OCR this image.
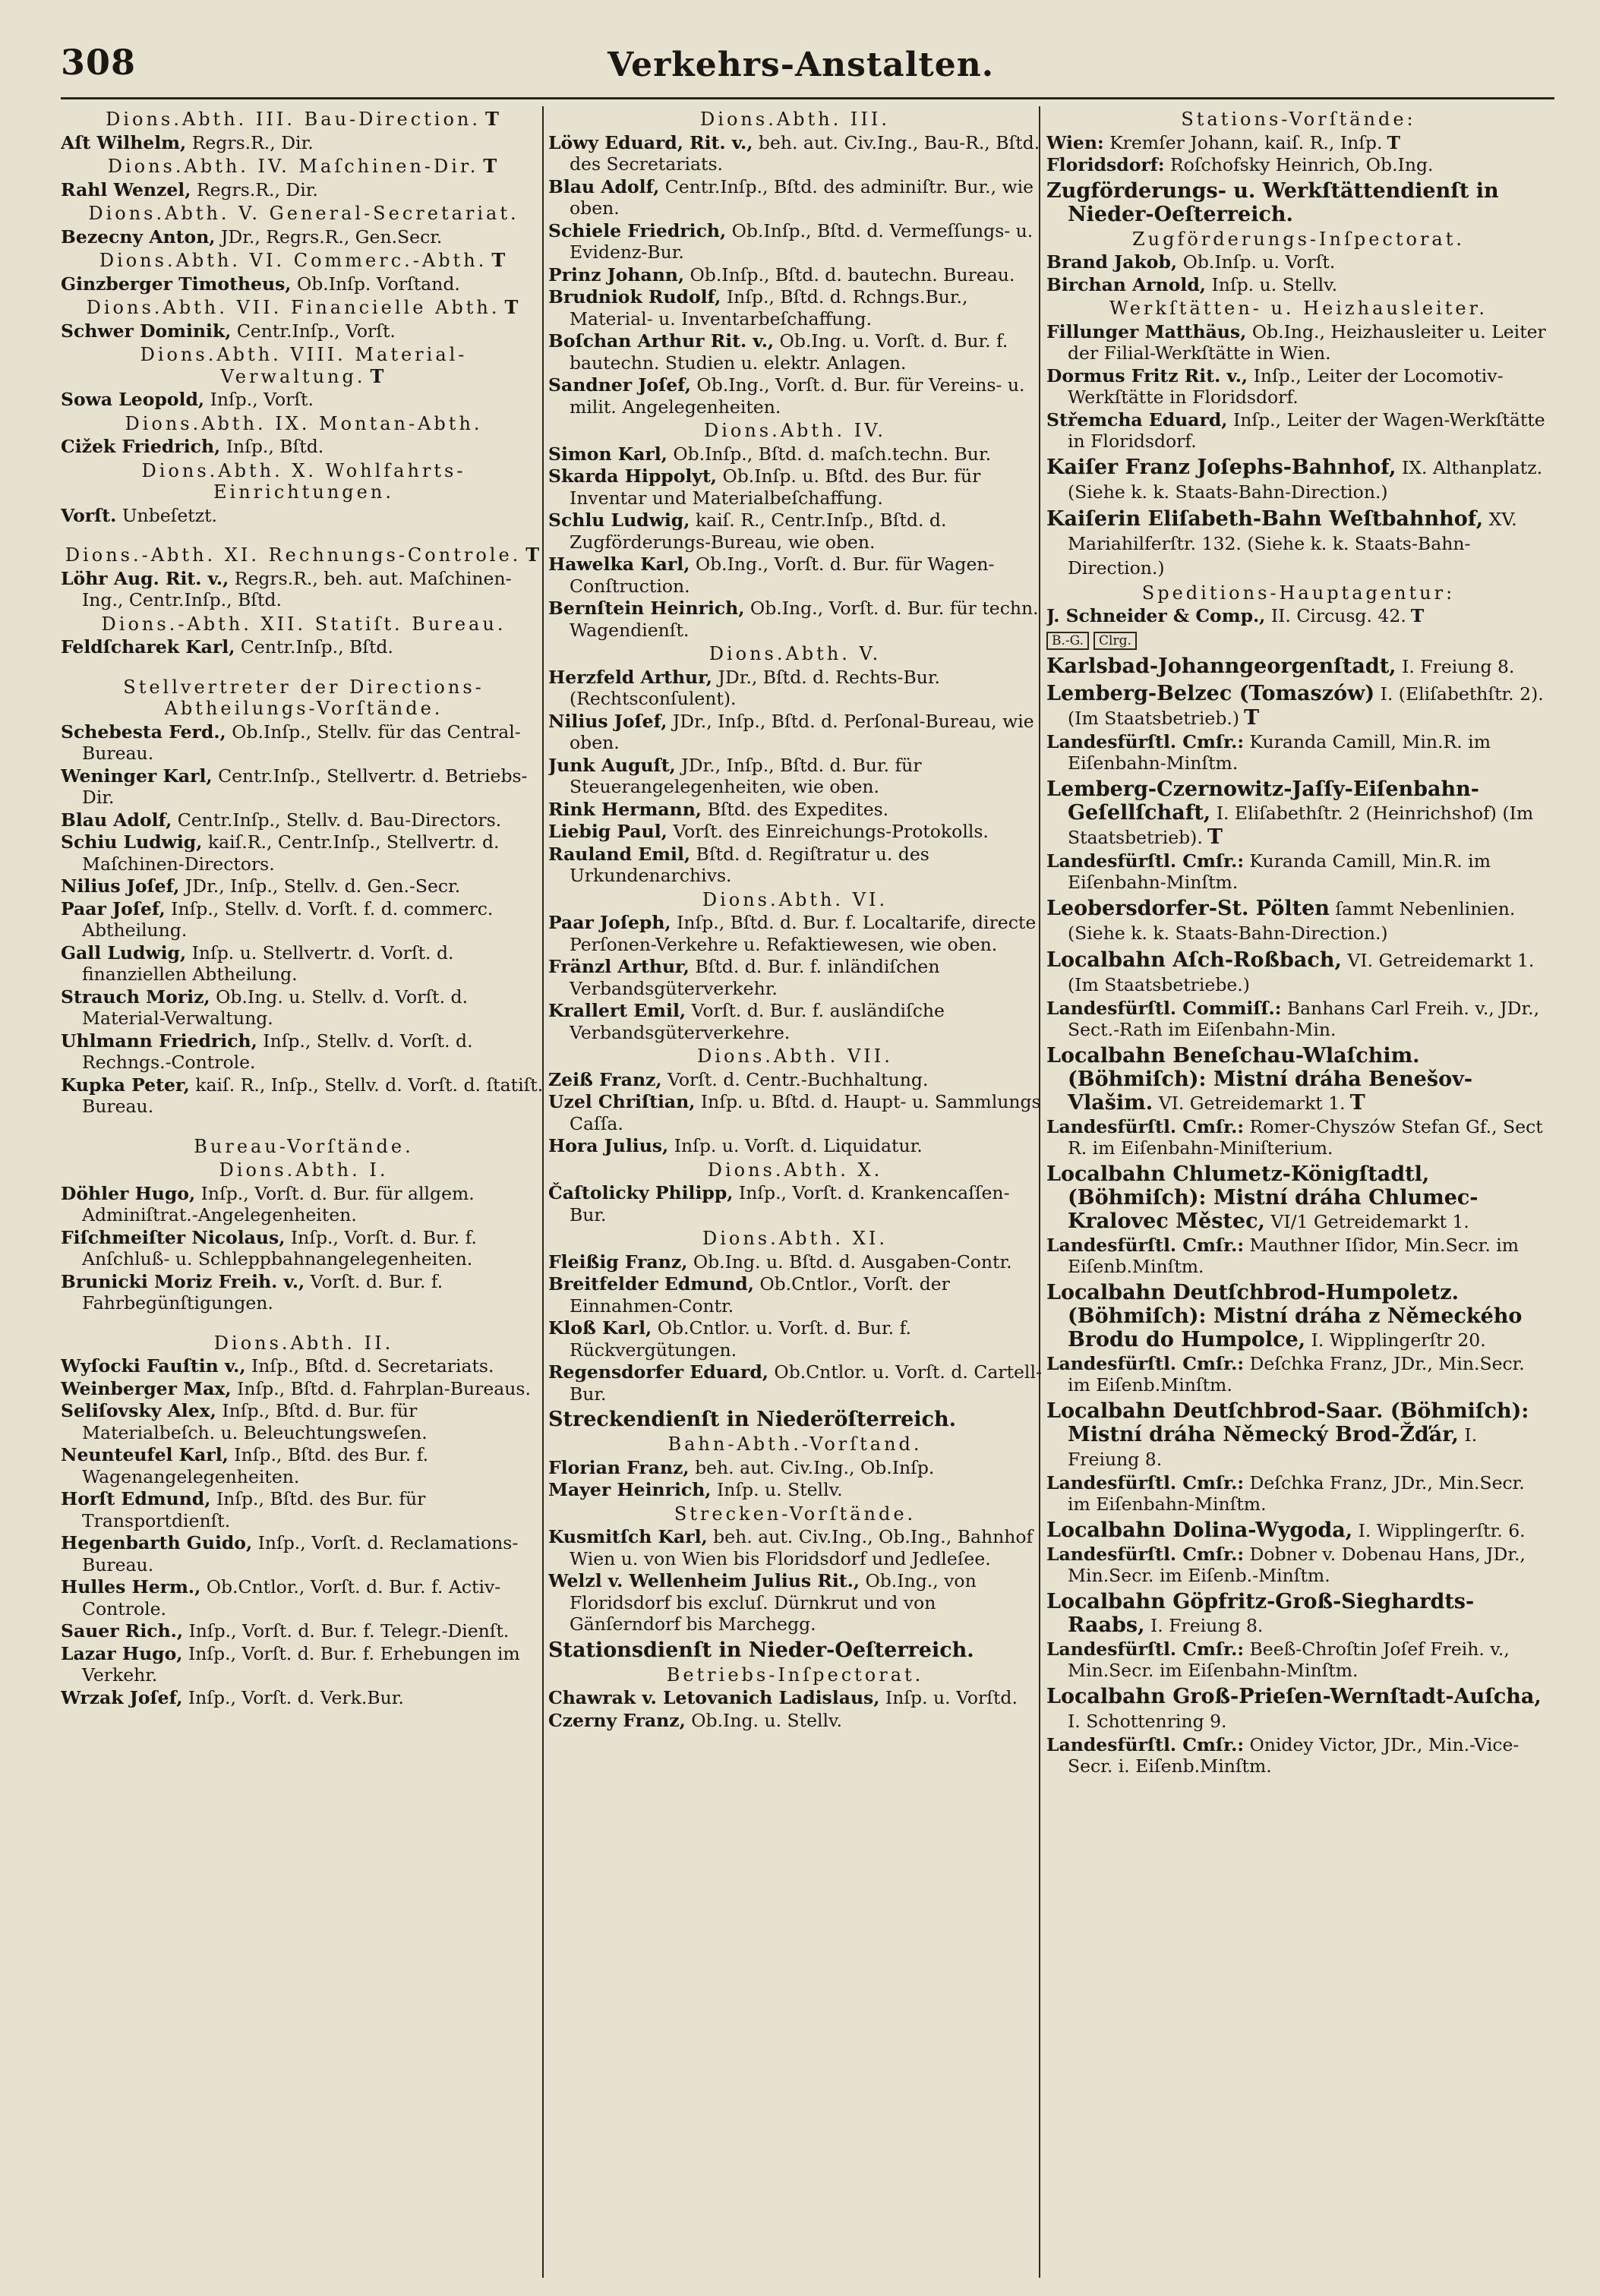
308	Verkehrs-Anstalten.
Dions.Abth. III. Bau-Direction. T
Aſt Wilhelm, Regrs.R., Dir.
Dions.Abth. IV. Maſchinen-Dir. T
Rahl Wenzel, Regrs.R., Dir.
Dions.Abth. V. General-Secretariat.
Bezecny Anton, JDr., Regrs.R., Gen.Secr.
Dions.Abth. VI. Commerc.-Abth. T
Ginzberger Timotheus, Ob.Inſp. Vorſtand.
Dions.Abth. VII. Financielle Abth. T
Schwer Dominik, Centr.Inſp., Vorſt.
Dions.Abth. VIII. Material-Verwaltung. T
Sowa Leopold, Inſp., Vorſt.
Dions.Abth. IX. Montan-Abth.
Cižek Friedrich, Inſp., Bſtd.
Dions.Abth. X. Wohlfahrts-Einrichtungen.
Vorſt. Unbeſetzt.
Dions.-Abth. XI. Rechnungs-Controle. T
Löhr Aug. Rit. v., Regrs.R., beh. aut. Maſchinen-Ing., Centr.Inſp., Bſtd.
Dions.-Abth. XII. Statiſt. Bureau.
Feldſcharek Karl, Centr.Inſp., Bſtd.
Stellvertreter der Directions-Abtheilungs-Vorſtände.
Schebesta Ferd., Ob.Inſp., Stellv. für das Central-Bureau.
Weninger Karl, Centr.Inſp., Stellvertr. d. Betriebs-Dir.
Blau Adolf, Centr.Inſp., Stellv. d. Bau-Directors.
Schiu Ludwig, kaiſ.R., Centr.Inſp., Stellvertr. d. Maſchinen-Directors.
Nilius Joſef, JDr., Inſp., Stellv. d. Gen.-Secr.
Paar Joſef, Inſp., Stellv. d. Vorſt. f. d. commerc. Abtheilung.
Gall Ludwig, Inſp. u. Stellvertr. d. Vorſt. d. finanziellen Abtheilung.
Strauch Moriz, Ob.Ing. u. Stellv. d. Vorſt. d. Material-Verwaltung.
Uhlmann Friedrich, Inſp., Stellv. d. Vorſt. d. Rechngs.-Controle.
Kupka Peter, kaiſ. R., Inſp., Stellv. d. Vorſt. d. ſtatiſt. Bureau.
Bureau-Vorſtände.
Dions.Abth. I.
Döhler Hugo, Inſp., Vorſt. d. Bur. für allgem. Adminiſtrat.-Angelegenheiten.
Fiſchmeiſter Nicolaus, Inſp., Vorſt. d. Bur. f. Anſchluß- u. Schleppbahnangelegenheiten.
Brunicki Moriz Freih. v., Vorſt. d. Bur. f. Fahrbegünſtigungen.
Dions.Abth. II.
Wyſocki Fauſtin v., Inſp., Bſtd. d. Secretariats.
Weinberger Max, Inſp., Bſtd. d. Fahrplan-Bureaus.
Seliſovsky Alex, Inſp., Bſtd. d. Bur. für Materialbeſch. u. Beleuchtungsweſen.
Neunteufel Karl, Inſp., Bſtd. des Bur. f. Wagenangelegenheiten.
Horſt Edmund, Inſp., Bſtd. des Bur. für Transportdienſt.
Hegenbarth Guido, Inſp., Vorſt. d. Reclamations-Bureau.
Hulles Herm., Ob.Cntlor., Vorſt. d. Bur. f. Activ-Controle.
Sauer Rich., Inſp., Vorſt. d. Bur. f. Telegr.-Dienſt.
Lazar Hugo, Inſp., Vorſt. d. Bur. f. Erhebungen im Verkehr.
Wrzak Joſef, Inſp., Vorſt. d. Verk.Bur.
Dions.Abth. III.
Löwy Eduard, Rit. v., beh. aut. Civ.Ing., Bau-R., Bſtd. des Secretariats.
Blau Adolf, Centr.Inſp., Bſtd. des adminiſtr. Bur., wie oben.
Schiele Friedrich, Ob.Inſp., Bſtd. d. Vermeſſungs- u. Evidenz-Bur.
Prinz Johann, Ob.Inſp., Bſtd. d. bautechn. Bureau.
Brudniok Rudolf, Inſp., Bſtd. d. Rchngs.Bur., Material- u. Inventarbeſchaffung.
Boſchan Arthur Rit. v., Ob.Ing. u. Vorſt. d. Bur. f. bautechn. Studien u. elektr. Anlagen.
Sandner Joſef, Ob.Ing., Vorſt. d. Bur. für Vereins- u. milit. Angelegenheiten.
Dions.Abth. IV.
Simon Karl, Ob.Inſp., Bſtd. d. maſch.techn. Bur.
Skarda Hippolyt, Ob.Inſp. u. Bſtd. des Bur. für Inventar und Materialbeſchaffung.
Schlu Ludwig, kaiſ. R., Centr.Inſp., Bſtd. d. Zugförderungs-Bureau, wie oben.
Hawelka Karl, Ob.Ing., Vorſt. d. Bur. für Wagen-Conſtruction.
Bernſtein Heinrich, Ob.Ing., Vorſt. d. Bur. für techn. Wagendienſt.
Dions.Abth. V.
Herzfeld Arthur, JDr., Bſtd. d. Rechts-Bur. (Rechtsconſulent).
Nilius Joſef, JDr., Inſp., Bſtd. d. Perſonal-Bureau, wie oben.
Junk Auguſt, JDr., Inſp., Bſtd. d. Bur. für Steuerangelegenheiten, wie oben.
Rink Hermann, Bſtd. des Expedites.
Liebig Paul, Vorſt. des Einreichungs-Protokolls.
Rauland Emil, Bſtd. d. Regiſtratur u. des Urkundenarchivs.
Dions.Abth. VI.
Paar Joſeph, Inſp., Bſtd. d. Bur. f. Localtarife, directe Perſonen-Verkehre u. Refaktiewesen, wie oben.
Fränzl Arthur, Bſtd. d. Bur. f. inländiſchen Verbandsgüterverkehr.
Krallert Emil, Vorſt. d. Bur. f. ausländiſche Verbandsgüterverkehre.
Dions.Abth. VII.
Zeiß Franz, Vorſt. d. Centr.-Buchhaltung.
Uzel Chriſtian, Inſp. u. Bſtd. d. Haupt- u. Sammlungs Caſſa.
Hora Julius, Inſp. u. Vorſt. d. Liquidatur.
Dions.Abth. X.
Čaſtolicky Philipp, Inſp., Vorſt. d. Krankencaſſen-Bur.
Dions.Abth. XI.
Fleißig Franz, Ob.Ing. u. Bſtd. d. Ausgaben-Contr.
Breitfelder Edmund, Ob.Cntlor., Vorſt. der Einnahmen-Contr.
Kloß Karl, Ob.Cntlor. u. Vorſt. d. Bur. f. Rückvergütungen.
Regensdorfer Eduard, Ob.Cntlor. u. Vorſt. d. Cartell-Bur.
Streckendienſt in Niederöſterreich.
Bahn-Abth.-Vorſtand.
Florian Franz, beh. aut. Civ.Ing., Ob.Inſp.
Mayer Heinrich, Inſp. u. Stellv.
Strecken-Vorſtände.
Kusmitſch Karl, beh. aut. Civ.Ing., Ob.Ing., Bahnhof Wien u. von Wien bis Floridsdorf und Jedleſee.
Welzl v. Wellenheim Julius Rit., Ob.Ing., von Floridsdorf bis excluſ. Dürnkrut und von Gänſerndorf bis Marchegg.
Stationsdienſt in Nieder-Oeſterreich.
Betriebs-Inſpectorat.
Chawrak v. Letovanich Ladislaus, Inſp. u. Vorſtd.
Czerny Franz, Ob.Ing. u. Stellv.
Stations-Vorſtände:
Wien: Kremſer Johann, kaiſ. R., Inſp. T
Floridsdorf: Roſchofsky Heinrich, Ob.Ing.
Zugförderungs- u. Werkſtättendienſt in Nieder-Oeſterreich.
Zugförderungs-Inſpectorat.
Brand Jakob, Ob.Inſp. u. Vorſt.
Birchan Arnold, Inſp. u. Stellv.
Werkſtätten- u. Heizhausleiter.
Fillunger Matthäus, Ob.Ing., Heizhausleiter u. Leiter der Filial-Werkſtätte in Wien.
Dormus Fritz Rit. v., Inſp., Leiter der Locomotiv-Werkſtätte in Floridsdorf.
Střemcha Eduard, Inſp., Leiter der Wagen-Werkſtätte in Floridsdorf.
Kaiſer Franz Joſephs-Bahnhof, IX. Althanplatz. (Siehe k. k. Staats-Bahn-Direction.)
Kaiſerin Eliſabeth-Bahn Weſtbahnhof, XV. Mariahilferſtr. 132. (Siehe k. k. Staats-Bahn-Direction.)
Speditions-Hauptagentur:
J. Schneider & Comp., II. Circusg. 42. T
B.-G. Clrg.
Karlsbad-Johanngeorgenſtadt, I. Freiung 8.
Lemberg-Belzec (Tomaszów) I. (Eliſabethſtr. 2). (Im Staatsbetrieb.) T
Landesfürſtl. Cmſr.: Kuranda Camill, Min.R. im Eiſenbahn-Minſtm.
Lemberg-Czernowitz-Jaſſy-Eiſenbahn-Geſellſchaft, I. Eliſabethſtr. 2 (Heinrichshof) (Im Staatsbetrieb). T
Landesfürſtl. Cmſr.: Kuranda Camill, Min.R. im Eiſenbahn-Minſtm.
Leobersdorfer-St. Pölten ſammt Nebenlinien. (Siehe k. k. Staats-Bahn-Direction.)
Localbahn Aſch-Roßbach, VI. Getreidemarkt 1. (Im Staatsbetriebe.)
Landesfürſtl. Commiſſ.: Banhans Carl Freih. v., JDr., Sect.-Rath im Eiſenbahn-Min.
Localbahn Beneſchau-Wlaſchim. (Böhmiſch): Mistní dráha Benešov-Vlašim. VI. Getreidemarkt 1. T
Landesfürſtl. Cmſr.: Romer-Chyszów Stefan Gf., Sect R. im Eiſenbahn-Miniſterium.
Localbahn Chlumetz-Königſtadtl, (Böhmiſch): Mistní dráha Chlumec-Kralovec Městec, VI/1 Getreidemarkt 1.
Landesfürſtl. Cmſr.: Mauthner Iſidor, Min.Secr. im Eiſenb.Minſtm.
Localbahn Deutſchbrod-Humpoletz. (Böhmiſch): Mistní dráha z Německého Brodu do Humpolce, I. Wipplingerſtr 20.
Landesfürſtl. Cmſr.: Deſchka Franz, JDr., Min.Secr. im Eiſenb.Minſtm.
Localbahn Deutſchbrod-Saar. (Böhmiſch): Mistní dráha Německý Brod-Žďár, I. Freiung 8.
Landesfürſtl. Cmſr.: Deſchka Franz, JDr., Min.Secr. im Eiſenbahn-Minſtm.
Localbahn Dolina-Wygoda, I. Wipplingerſtr. 6.
Landesfürſtl. Cmſr.: Dobner v. Dobenau Hans, JDr., Min.Secr. im Eiſenb.-Minſtm.
Localbahn Göpfritz-Groß-Sieghardts-Raabs, I. Freiung 8.
Landesfürſtl. Cmſr.: Beeß-Chroſtin Joſef Freih. v., Min.Secr. im Eiſenbahn-Minſtm.
Localbahn Groß-Prieſen-Wernſtadt-Auſcha, I. Schottenring 9.
Landesfürſtl. Cmſr.: Onidey Victor, JDr., Min.-Vice-Secr. i. Eiſenb.Minſtm.
